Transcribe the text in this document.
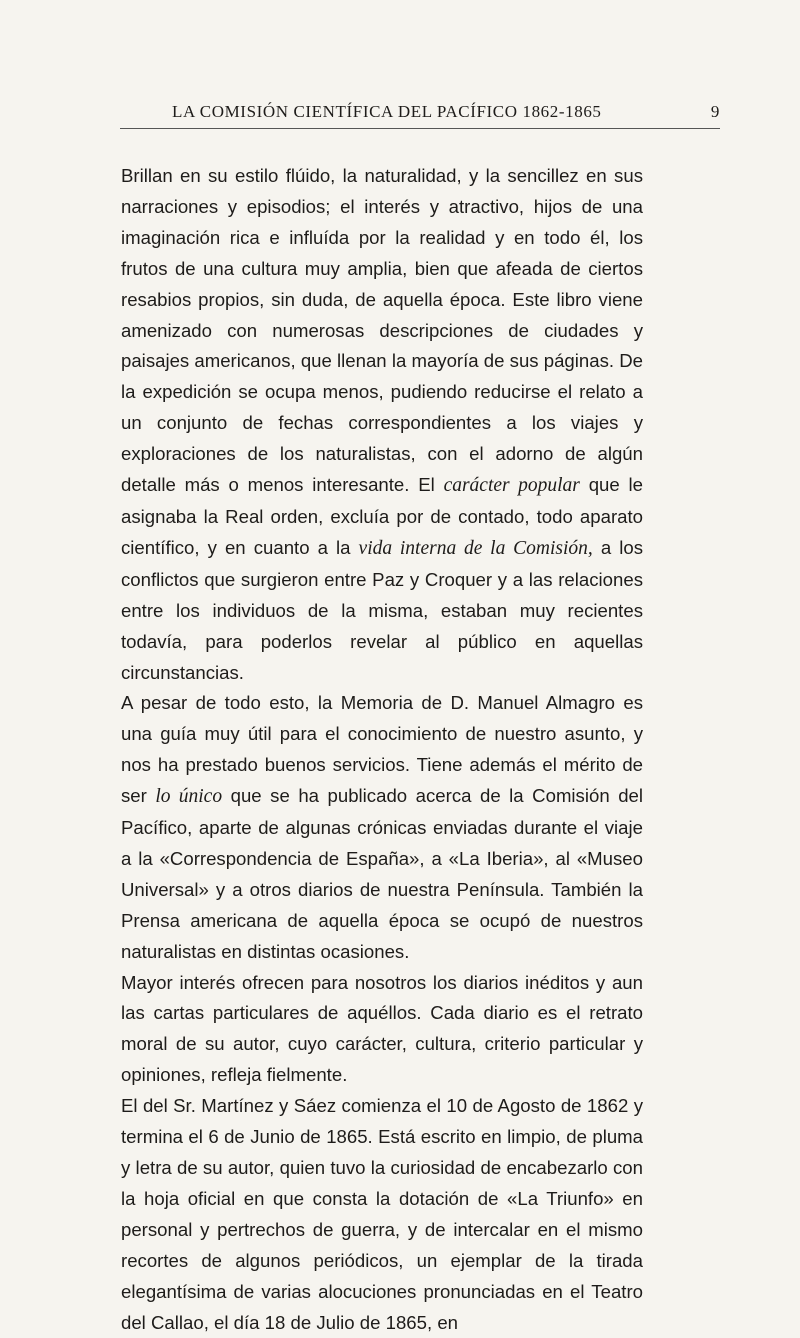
LA COMISIÓN CIENTÍFICA DEL PACÍFICO 1862-1865	9

Brillan en su estilo flúido, la naturalidad, y la sencillez en sus narraciones y episodios; el interés y atractivo, hijos de una imaginación rica e influída por la realidad y en todo él, los frutos de una cultura muy amplia, bien que afeada de ciertos resabios propios, sin duda, de aquella época. Este libro viene amenizado con numerosas descripciones de ciudades y paisajes americanos, que llenan la mayoría de sus páginas. De la expedición se ocupa menos, pudiendo reducirse el relato a un conjunto de fechas correspondientes a los viajes y exploraciones de los naturalistas, con el adorno de algún detalle más o menos interesante. El carácter popular que le asignaba la Real orden, excluía por de contado, todo aparato científico, y en cuanto a la vida interna de la Comisión, a los conflictos que surgieron entre Paz y Croquer y a las relaciones entre los individuos de la misma, estaban muy recientes todavía, para poderlos revelar al público en aquellas circunstancias.

A pesar de todo esto, la Memoria de D. Manuel Almagro es una guía muy útil para el conocimiento de nuestro asunto, y nos ha prestado buenos servicios. Tiene además el mérito de ser lo único que se ha publicado acerca de la Comisión del Pacífico, aparte de algunas crónicas enviadas durante el viaje a la «Correspondencia de España», a «La Iberia», al «Museo Universal» y a otros diarios de nuestra Península. También la Prensa americana de aquella época se ocupó de nuestros naturalistas en distintas ocasiones.

Mayor interés ofrecen para nosotros los diarios inéditos y aun las cartas particulares de aquéllos. Cada diario es el retrato moral de su autor, cuyo carácter, cultura, criterio particular y opiniones, refleja fielmente.

El del Sr. Martínez y Sáez comienza el 10 de Agosto de 1862 y termina el 6 de Junio de 1865. Está escrito en limpio, de pluma y letra de su autor, quien tuvo la curiosidad de encabezarlo con la hoja oficial en que consta la dotación de «La Triunfo» en personal y pertrechos de guerra, y de intercalar en el mismo recortes de algunos periódicos, un ejemplar de la tirada elegantísima de varias alocuciones pronunciadas en el Teatro del Callao, el día 18 de Julio de 1865, en
